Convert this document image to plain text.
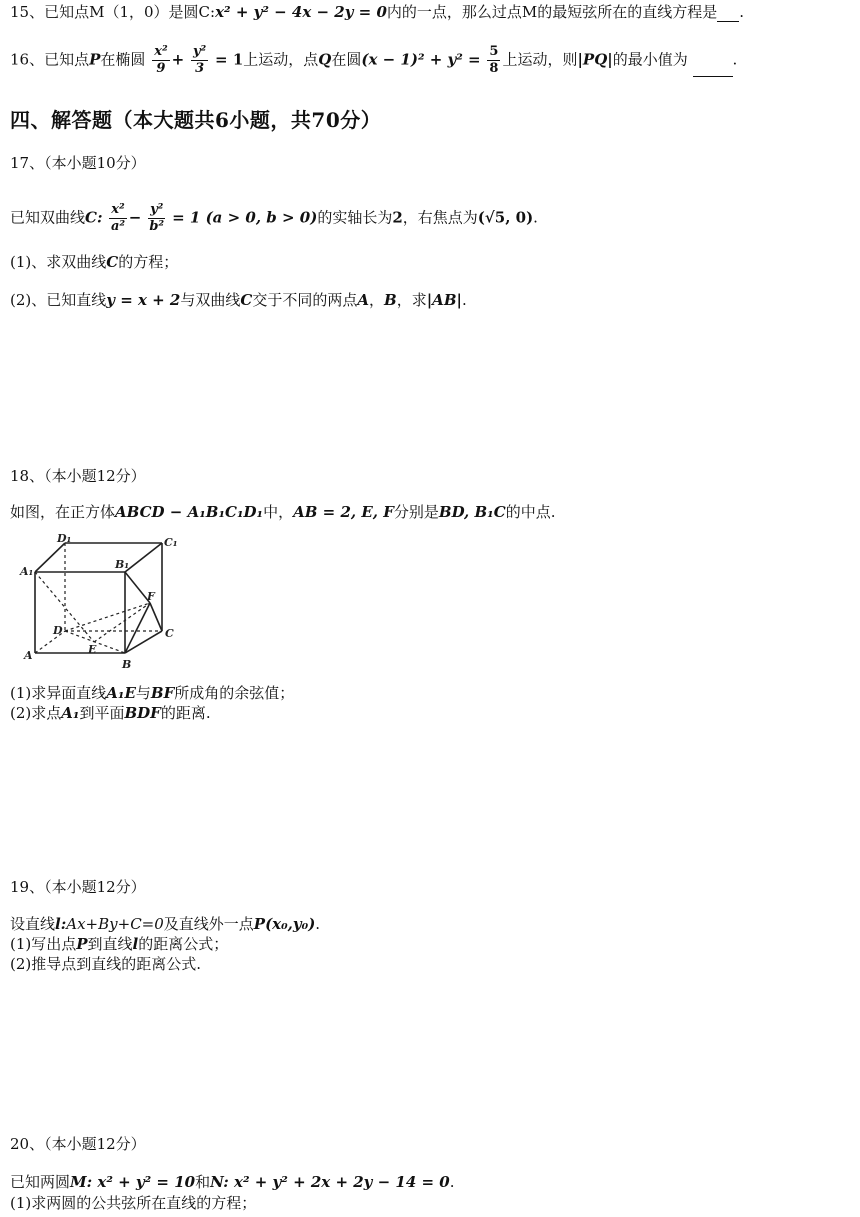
15、已知点M（1，0）是圆C:x² + y² − 4x − 2y = 0内的一点，那么过点M的最短弦所在的直线方程是 .
16、已知点P在椭圆 $\frac{\text{x²}}{9} + \frac{\text{y²}}{3} = 1$上运动，点Q在圆$(x - 1)^2 + y^2 = \frac{5}{8}$ 上运动，则|PQ|的最小值为	.
四、解答题（本大题共6小题，共70分）
17、（本小题10分）
已知双曲线C: $\frac{\text{x²}}{\text{a²}} - \frac{\text{y²}}{\text{b²}} = 1$ (a > 0, b > 0)的实轴长为2，右焦点为(√5, 0).
(1)、求双曲线C的方程；
(2)、已知直线y = x + 2与双曲线C交于不同的两点A，B，求|AB|.
18、（本小题12分）
如图，在正方体ABCD − A₁B₁C₁D₁中，AB = 2, E, F分别是BD, B₁C的中点.
D₁	C₁
A₁
B₁
F
D	C
E
A
B
(1)求异面直线A₁E与BF所成角的余弦值；
(2)求点A₁到平面BDF的距离.
19、（本小题12分）
设直线l:Ax+By+C=0及直线外一点P(x₀,y₀).
(1)写出点P到直线l的距离公式；
(2)推导点到直线的距离公式.
20、（本小题12分）
已知两圆M: x² + y² = 10和N: x² + y² + 2x + 2y − 14 = 0.
(1)求两圆的公共弦所在直线的方程；
